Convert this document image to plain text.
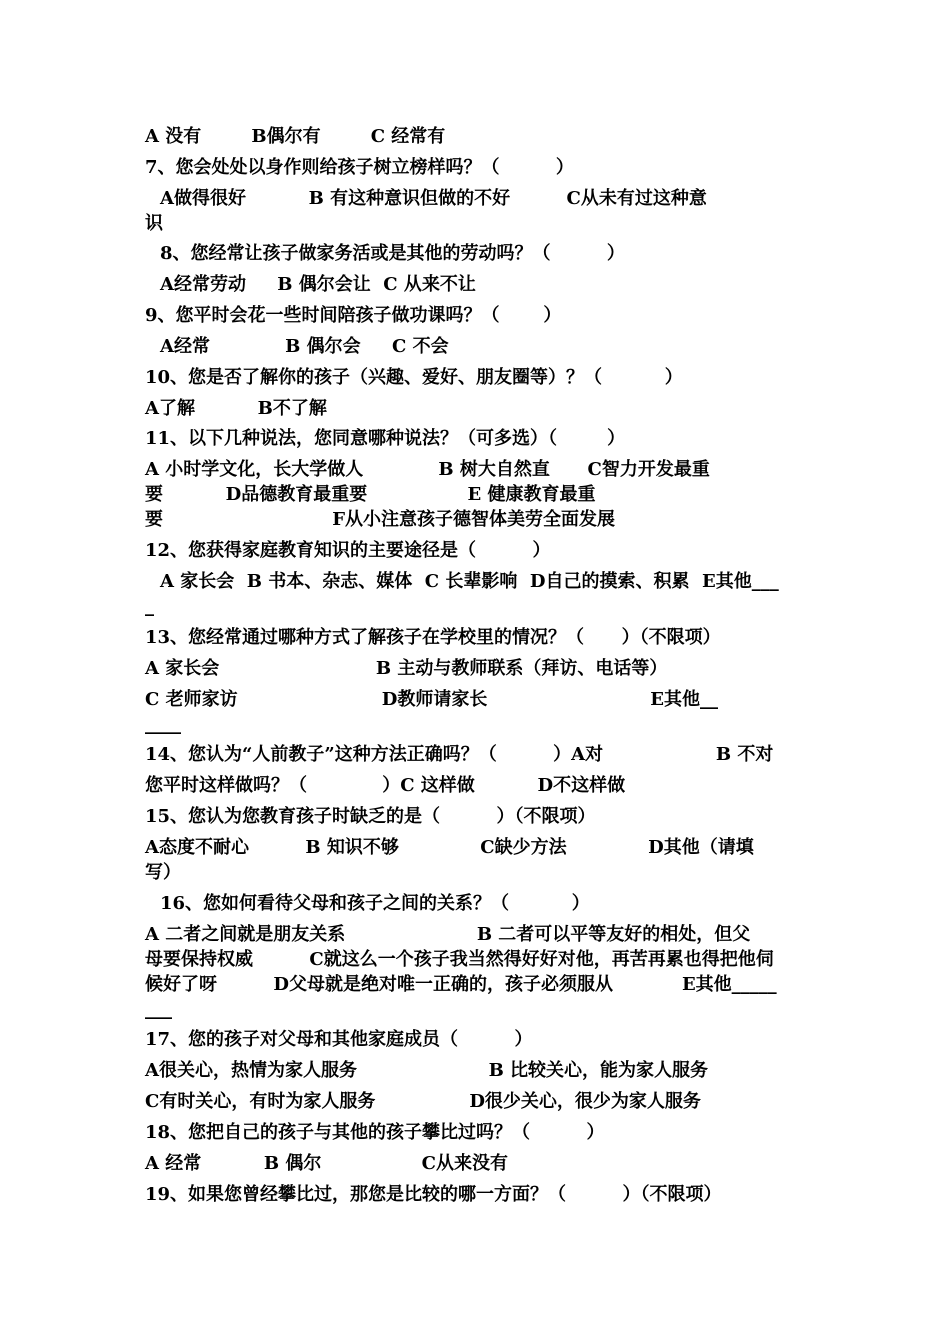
A 没有        B偶尔有        C 经常有
7、您会处处以身作则给孩子树立榜样吗？（         ）
A做得很好          B 有这种意识但做的不好         C从未有过这种意
识
8、您经常让孩子做家务活或是其他的劳动吗？（         ）
A经常劳动     B 偶尔会让  C 从来不让
9、您平时会花一些时间陪孩子做功课吗？（       ）
A经常            B 偶尔会     C 不会
10、您是否了解你的孩子（兴趣、爱好、朋友圈等）？（          ）
A了解          B不了解
11、以下几种说法，您同意哪种说法？（可多选）（        ）
A 小时学文化，长大学做人            B 树大自然直      C智力开发最重
要          D品德教育最重要                E 健康教育最重
要                           F从小注意孩子德智体美劳全面发展
12、您获得家庭教育知识的主要途径是（         ）
A 家长会  B 书本、杂志、媒体  C 长辈影响  D自己的摸索、积累  E其他___
_
13、您经常通过哪种方式了解孩子在学校里的情况？（      ）（不限项）
A 家长会                         B 主动与教师联系（拜访、电话等）
C 老师家访                       D教师请家长                          E其他__
____
14、您认为“人前教子”这种方法正确吗？（         ）A对                  B 不对
您平时这样做吗？（            ）C 这样做          D不这样做
15、您认为您教育孩子时缺乏的是（         ）（不限项）
A态度不耐心         B 知识不够             C缺少方法             D其他（请填
写）
16、您如何看待父母和孩子之间的关系？（          ）
A 二者之间就是朋友关系                     B 二者可以平等友好的相处，但父
母要保持权威         C就这么一个孩子我当然得好好对他，再苦再累也得把他伺
候好了呀         D父母就是绝对唯一正确的，孩子必须服从           E其他_____
___
17、您的孩子对父母和其他家庭成员（         ）
A很关心，热情为家人服务                     B 比较关心，能为家人服务
C有时关心，有时为家人服务               D很少关心，很少为家人服务
18、您把自己的孩子与其他的孩子攀比过吗？（         ）
A 经常          B 偶尔                C从来没有
19、如果您曾经攀比过，那您是比较的哪一方面？（         ）（不限项）
